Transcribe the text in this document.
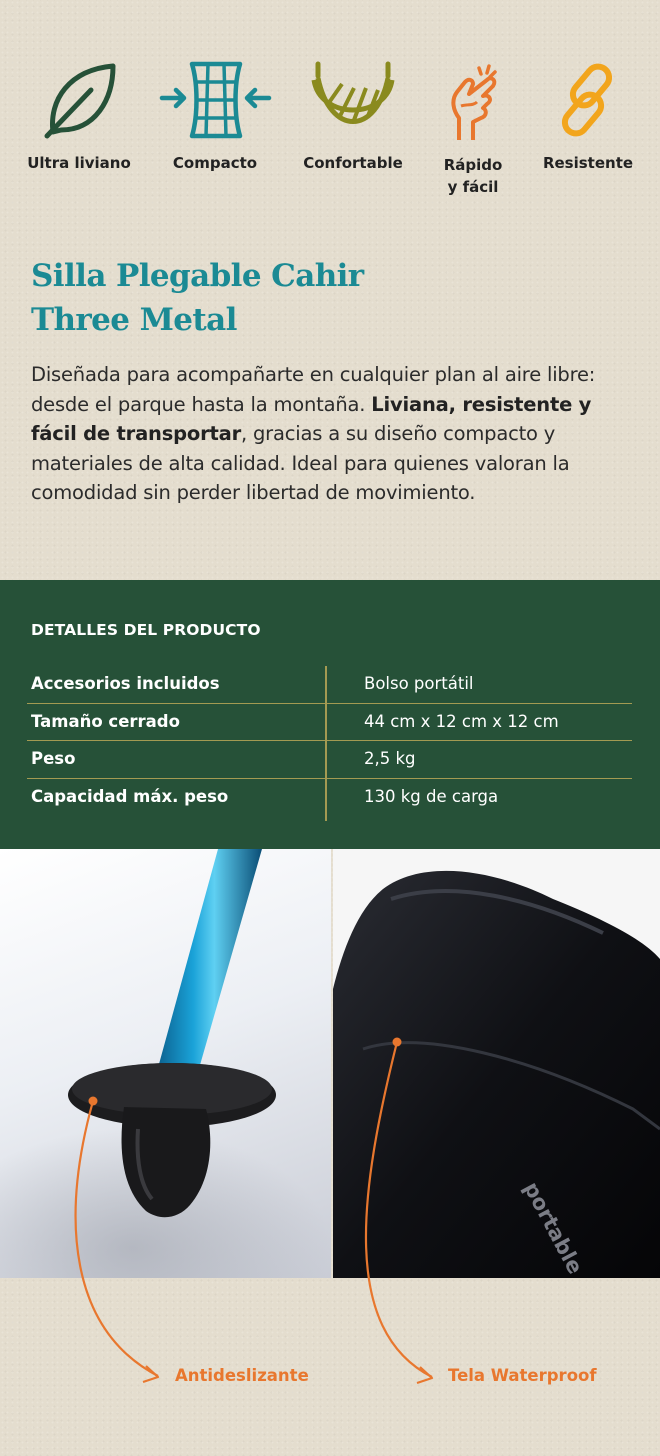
Ultra liviano	Compacto	Confortable	Rápido
y fácil
Resistente
Silla Plegable Cahir
Three Metal
Diseñada para acompañarte en cualquier plan al aire libre: desde el parque hasta la montaña. Liviana, resistente y fácil de transportar, gracias a su diseño compacto y materiales de alta calidad. Ideal para quienes valoran la comodidad sin perder libertad de movimiento.
DETALLES DEL PRODUCTO
Accesorios incluidos	Bolso portátil
Tamaño cerrado	44 cm x 12 cm x 12 cm
Peso	2,5 kg
Capacidad máx. peso	130 kg de carga
Antideslizante	Tela Waterproof
